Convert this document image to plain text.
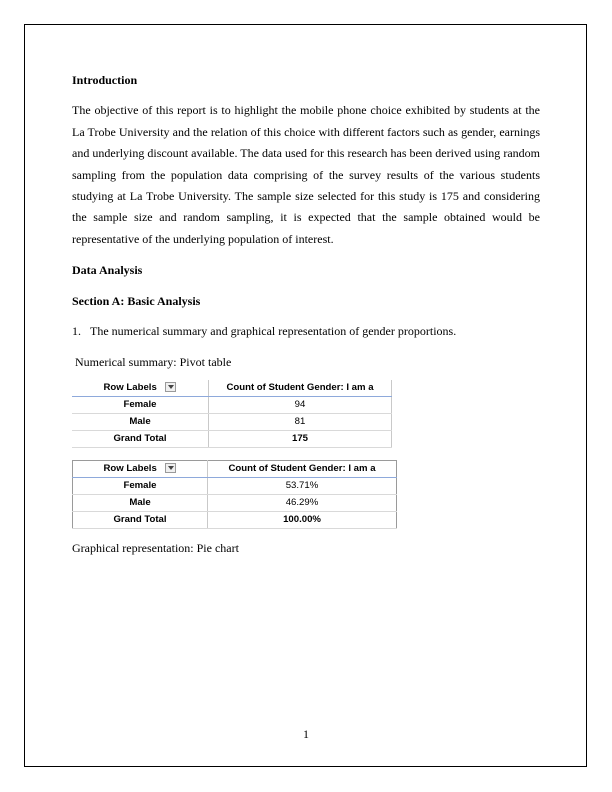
Introduction

The objective of this report is to highlight the mobile phone choice exhibited by students at the La Trobe University and the relation of this choice with different factors such as gender, earnings and underlying discount available. The data used for this research has been derived using random sampling from the population data comprising of the survey results of the various students studying at La Trobe University. The sample size selected for this study is 175 and considering the sample size and random sampling, it is expected that the sample obtained would be representative of the underlying population of interest.

Data Analysis

Section A: Basic Analysis

1. The numerical summary and graphical representation of gender proportions.

Numerical summary: Pivot table

Row Labels	Count of Student Gender: I am a
Female	94
Male	81
Grand Total	175
Row Labels	Count of Student Gender: I am a
Female	53.71%
Male	46.29%
Grand Total	100.00%

Graphical representation: Pie chart

1
